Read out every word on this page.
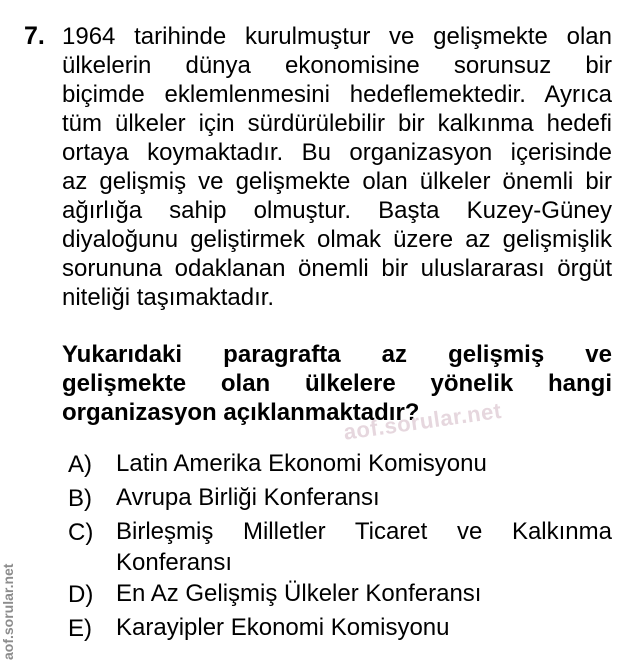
7. 1964 tarihinde kurulmuştur ve gelişmekte olan
ülkelerin dünya ekonomisine sorunsuz bir
biçimde eklemlenmesini hedeflemektedir. Ayrıca
tüm ülkeler için sürdürülebilir bir kalkınma hedefi
ortaya koymaktadır. Bu organizasyon içerisinde
az gelişmiş ve gelişmekte olan ülkeler önemli bir
ağırlığa sahip olmuştur. Başta Kuzey-Güney
diyaloğunu geliştirmek olmak üzere az gelişmişlik
sorununa odaklanan önemli bir uluslararası örgüt
niteliği taşımaktadır.
Yukarıdaki paragrafta az gelişmiş ve
gelişmekte olan ülkelere yönelik hangi
organizasyon açıklanmaktadır?
aof.sorular.net
A)	Latin Amerika Ekonomi Komisyonu
B)	Avrupa Birliği Konferansı
C) Birleşmiş Milletler Ticaret ve Kalkınma
Konferansı
D) En Az Gelişmiş Ülkeler Konferansı
E)	Karayipler Ekonomi Komisyonu
aof.sorular.net
